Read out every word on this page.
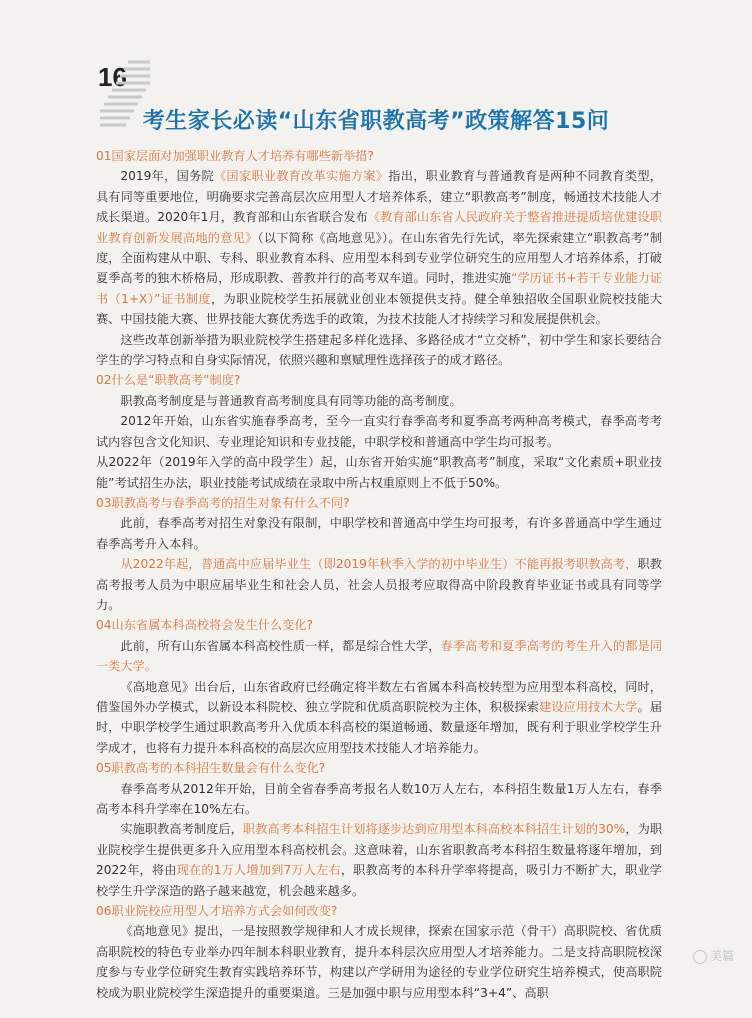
16
考生家长必读“山东省职教高考”政策解答15问

01国家层面对加强职业教育人才培养有哪些新举措?

2019年，国务院《国家职业教育改革实施方案》指出，职业教育与普通教育是两种不同教育类型，具有同等重要地位，明确要求完善高层次应用型人才培养体系，建立“职教高考”制度，畅通技术技能人才成长渠道。2020年1月，教育部和山东省联合发布《教育部山东省人民政府关于整省推进提质培优建设职业教育创新发展高地的意见》（以下简称《高地意见》）。在山东省先行先试，率先探索建立“职教高考”制度，全面构建从中职、专科、职业教育本科、应用型本科到专业学位研究生的应用型人才培养体系，打破夏季高考的独木桥格局，形成职教、普教并行的高考双车道。同时，推进实施“学历证书+若干专业能力证书（1+X）”证书制度，为职业院校学生拓展就业创业本领提供支持。健全单独招收全国职业院校技能大赛、中国技能大赛、世界技能大赛优秀选手的政策，为技术技能人才持续学习和发展提供机会。

这些改革创新举措为职业院校学生搭建起多样化选择、多路径成才“立交桥”，初中学生和家长要结合学生的学习特点和自身实际情况，依照兴趣和禀赋理性选择孩子的成才路径。

02什么是“职教高考”制度?

职教高考制度是与普通教育高考制度具有同等功能的高考制度。

2012年开始，山东省实施春季高考，至今一直实行春季高考和夏季高考两种高考模式，春季高考考试内容包含文化知识、专业理论知识和专业技能，中职学校和普通高中学生均可报考。

从2022年（2019年入学的高中段学生）起，山东省开始实施“职教高考”制度，采取“文化素质+职业技能”考试招生办法，职业技能考试成绩在录取中所占权重原则上不低于50%。

03职教高考与春季高考的招生对象有什么不同?

此前，春季高考对招生对象没有限制，中职学校和普通高中学生均可报考，有许多普通高中学生通过春季高考升入本科。

从2022年起，普通高中应届毕业生（即2019年秋季入学的初中毕业生）不能再报考职教高考，职教高考报考人员为中职应届毕业生和社会人员，社会人员报考应取得高中阶段教育毕业证书或具有同等学力。

04山东省属本科高校将会发生什么变化?

此前，所有山东省属本科高校性质一样，都是综合性大学，春季高考和夏季高考的考生升入的都是同一类大学。

《高地意见》出台后，山东省政府已经确定将半数左右省属本科高校转型为应用型本科高校，同时，借鉴国外办学模式，以新设本科院校、独立学院和优质高职院校为主体，积极探索建设应用技术大学。届时，中职学校学生通过职教高考升入优质本科高校的渠道畅通、数量逐年增加，既有利于职业学校学生升学成才，也将有力提升本科高校的高层次应用型技术技能人才培养能力。

05职教高考的本科招生数量会有什么变化?

春季高考从2012年开始，目前全省春季高考报名人数10万人左右，本科招生数量1万人左右，春季高考本科升学率在10%左右。

实施职教高考制度后，职教高考本科招生计划将逐步达到应用型本科高校本科招生计划的30%，为职业院校学生提供更多升入应用型本科高校机会。这意味着，山东省职教高考本科招生数量将逐年增加，到2022年，将由现在的1万人增加到7万人左右，职教高考的本科升学率将提高，吸引力不断扩大，职业学校学生升学深造的路子越来越宽，机会越来越多。

06职业院校应用型人才培养方式会如何改变?

《高地意见》提出，一是按照教学规律和人才成长规律，探索在国家示范（骨干）高职院校、省优质高职院校的特色专业举办四年制本科职业教育，提升本科层次应用型人才培养能力。二是支持高职院校深度参与专业学位研究生教育实践培养环节，构建以产学研用为途径的专业学位研究生培养模式，使高职院校成为职业院校学生深造提升的重要渠道。三是加强中职与应用型本科“3+4”、高职

美篇
